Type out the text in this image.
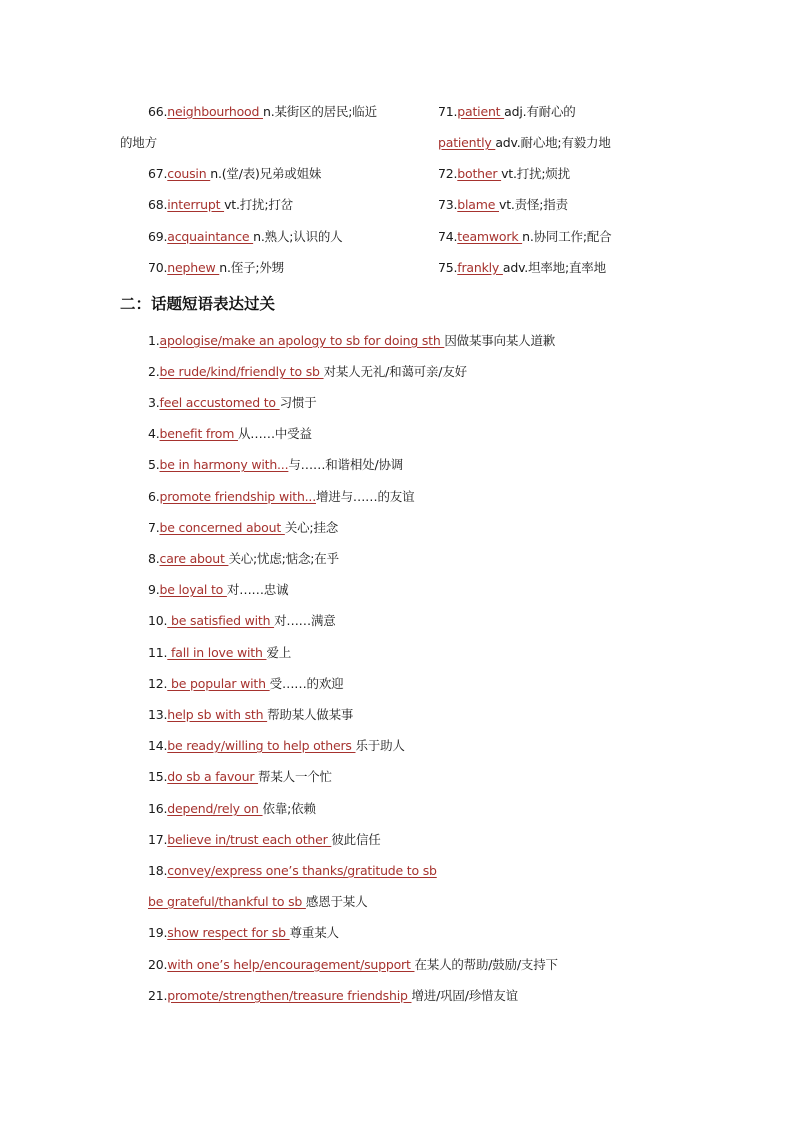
66.neighbourhood n.某街区的居民;临近
的地方
67.cousin n.(堂/表)兄弟或姐妹
68.interrupt vt.打扰;打岔
69.acquaintance n.熟人;认识的人
70.nephew n.侄子;外甥
71.patient adj.有耐心的
patiently adv.耐心地;有毅力地
72.bother vt.打扰;烦扰
73.blame vt.责怪;指责
74.teamwork n.协同工作;配合
75.frankly adv.坦率地;直率地
二：话题短语表达过关
1.apologise/make an apology to sb for doing sth 因做某事向某人道歉
2.be rude/kind/friendly to sb 对某人无礼/和蔼可亲/友好
3.feel accustomed to 习惯于
4.benefit from 从……中受益
5.be in harmony with...与……和谐相处/协调
6.promote friendship with...增进与……的友谊
7.be concerned about 关心;挂念
8.care about 关心;忧虑;惦念;在乎
9.be loyal to 对……忠诚
10. be satisfied with 对……满意
11. fall in love with 爱上
12. be popular with 受……的欢迎
13.help sb with sth 帮助某人做某事
14.be ready/willing to help others 乐于助人
15.do sb a favour 帮某人一个忙
16.depend/rely on 依靠;依赖
17.believe in/trust each other 彼此信任
18.convey/express one’s thanks/gratitude to sb
be grateful/thankful to sb 感恩于某人
19.show respect for sb 尊重某人
20.with one’s help/encouragement/support 在某人的帮助/鼓励/支持下
21.promote/strengthen/treasure friendship 增进/巩固/珍惜友谊
